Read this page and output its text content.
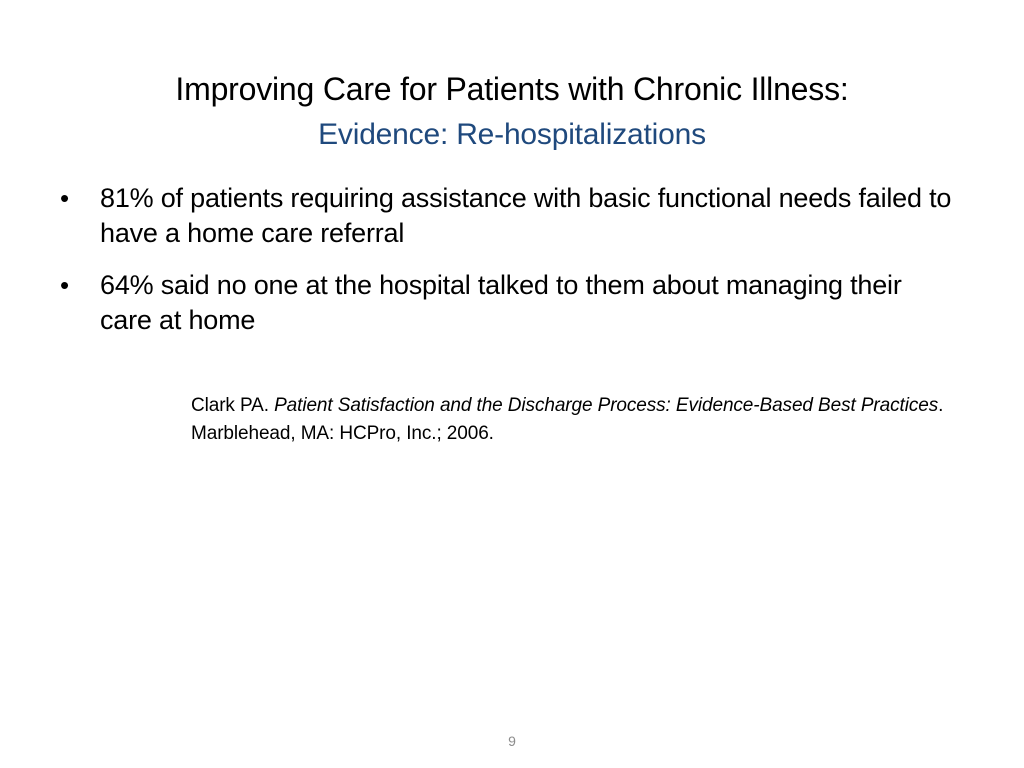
Improving Care for Patients with Chronic Illness:
Evidence: Re-hospitalizations
•	81% of patients requiring assistance with basic functional needs failed to have a home care referral
•	64% said no one at the hospital talked to them about managing their care at home
Clark PA. Patient Satisfaction and the Discharge Process: Evidence-Based Best Practices. Marblehead, MA: HCPro, Inc.; 2006.
9
